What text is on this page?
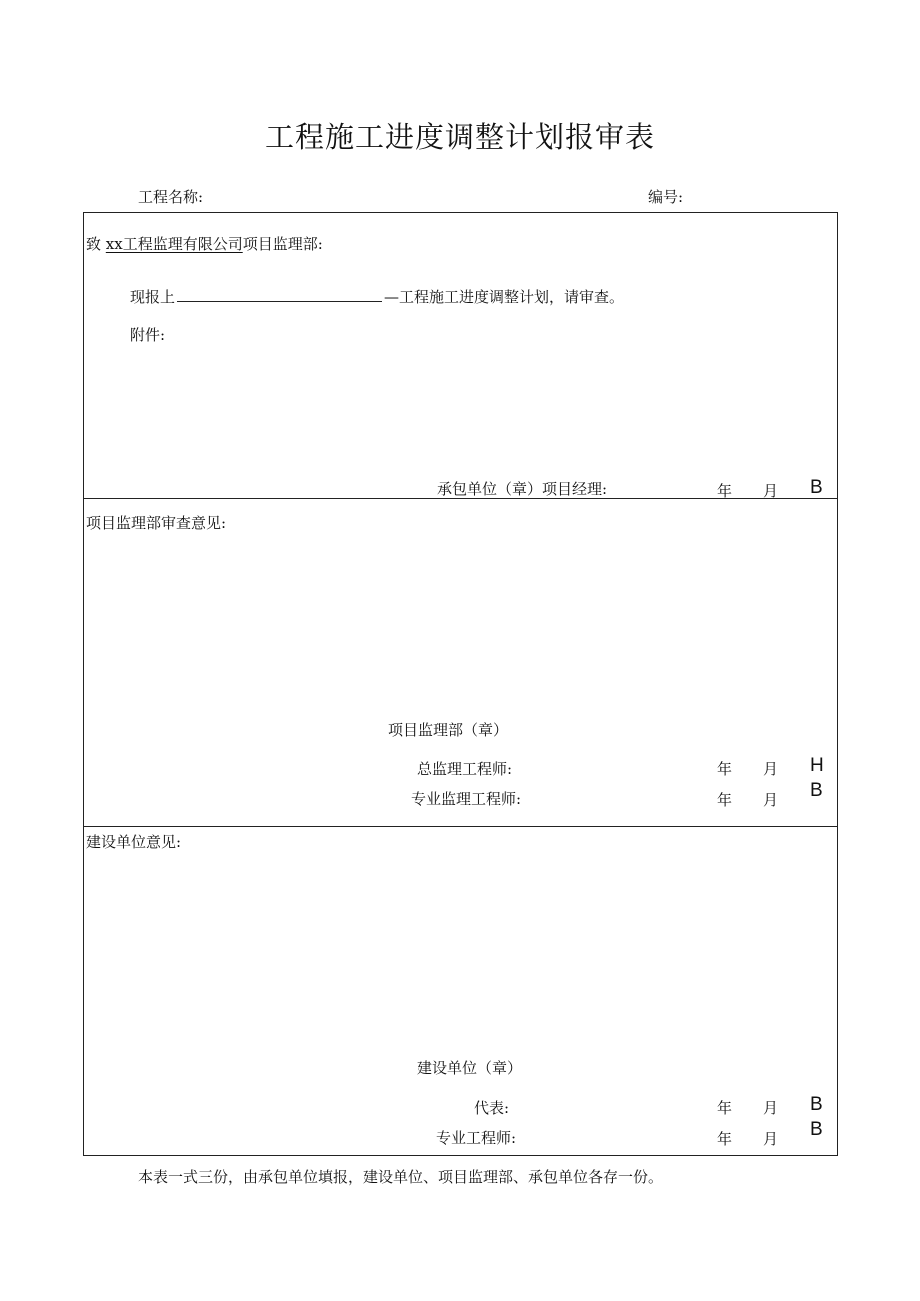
工程施工进度调整计划报审表
工程名称:	编号:
致 xx工程监理有限公司项目监理部:
现报上	—工程施工进度调整计划，请审查。
附件:
承包单位（章）项目经理:	年 月 B
项目监理部审查意见:
项目监理部（章）
总监理工程师:	年 月 H
专业监理工程师:	年 月 B
建设单位意见:
建设单位（章）
代表:	年 月 B
专业工程师:	年 月 B
本表一式三份，由承包单位填报，建设单位、项目监理部、承包单位各存一份。
